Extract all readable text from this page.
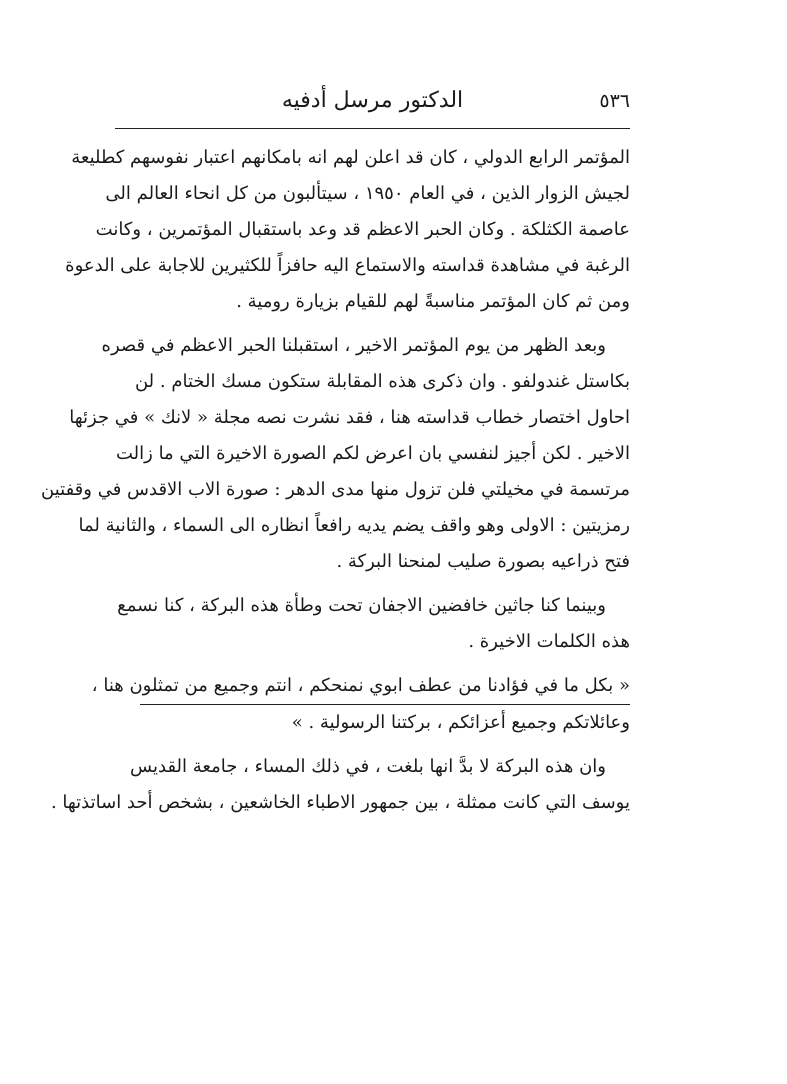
٥٣٦
الدكتور مرسل أدفيه
المؤتمر الرابع الدولي ، كان قد اعلن لهم انه بامكانهم اعتبار نفوسهم كطليعة
لجيش الزوار الذين ، في العام ١٩٥٠ ، سيتألبون من كل انحاء العالم الى
عاصمة الكثلكة . وكان الحبر الاعظم قد وعد باستقبال المؤتمرين ، وكانت
الرغبة في مشاهدة قداسته والاستماع اليه حافزاً للكثيرين للاجابة على الدعوة
ومن ثم كان المؤتمر مناسبةً لهم للقيام بزيارة رومية .
وبعد الظهر من يوم المؤتمر الاخير ، استقبلنا الحبر الاعظم في قصره
بكاستل غندولفو . وان ذكرى هذه المقابلة ستكون مسك الختام . لن
احاول اختصار خطاب قداسته هنا ، فقد نشرت نصه مجلة « لانك » في جزئها
الاخير . لكن أجيز لنفسي بان اعرض لكم الصورة الاخيرة التي ما زالت
مرتسمة في مخيلتي فلن تزول منها مدى الدهر : صورة الاب الاقدس في وقفتين
رمزيتين : الاولى وهو واقف يضم يديه رافعاً انظاره الى السماء ، والثانية لما
فتح ذراعيه بصورة صليب لمنحنا البركة .
وبينما كنا جاثين خافضين الاجفان تحت وطأة هذه البركة ، كنا نسمع
هذه الكلمات الاخيرة .
« بكل ما في فؤادنا من عطف ابوي نمنحكم ، انتم وجميع من تمثلون هنا ،
وعائلاتكم وجميع أعزائكم ، بركتنا الرسولية . »
وان هذه البركة لا بدَّ انها بلغت ، في ذلك المساء ، جامعة القديس
يوسف التي كانت ممثلة ، بين جمهور الاطباء الخاشعين ، بشخص أحد اساتذتها .
